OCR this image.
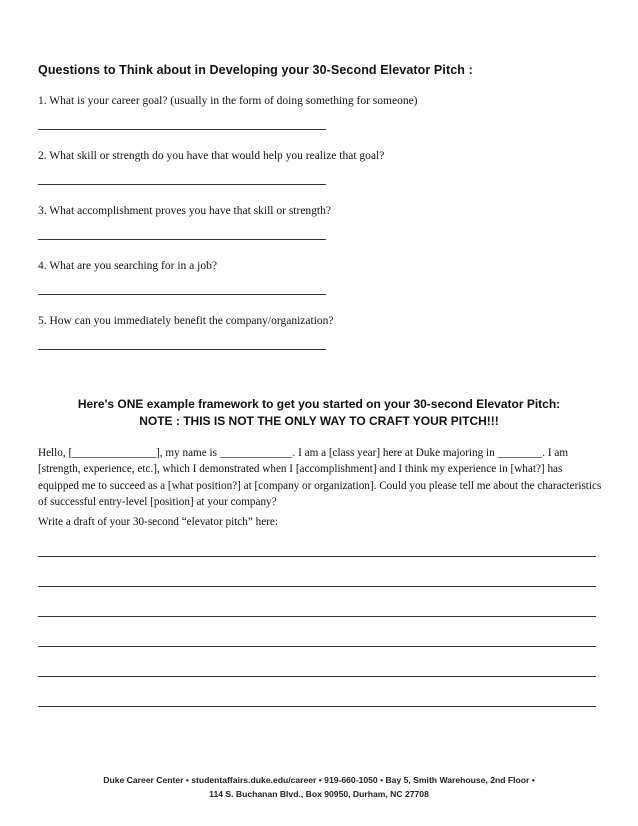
Questions to Think about in Developing your 30-Second Elevator Pitch :
1. What is your career goal? (usually in the form of doing something for someone)
2. What skill or strength do you have that would help you realize that goal?
3. What accomplishment proves you have that skill or strength?
4. What are you searching for in a job?
5. How can you immediately benefit the company/organization?
Here's ONE example framework to get you started on your 30-second Elevator Pitch:
NOTE : THIS IS NOT THE ONLY WAY TO CRAFT YOUR PITCH!!!
Hello, [_______________], my name is _____________. I am a [class year] here at Duke majoring in ________. I am [strength, experience, etc.], which I demonstrated when I [accomplishment] and I think my experience in [what?] has equipped me to succeed as a [what position?] at [company or organization]. Could you please tell me about the characteristics of successful entry-level [position] at your company?
Write a draft of your 30-second “elevator pitch” here:
Duke Career Center • studentaffairs.duke.edu/career • 919-660-1050 • Bay 5, Smith Warehouse, 2nd Floor •
114 S. Buchanan Blvd., Box 90950, Durham, NC 27708
